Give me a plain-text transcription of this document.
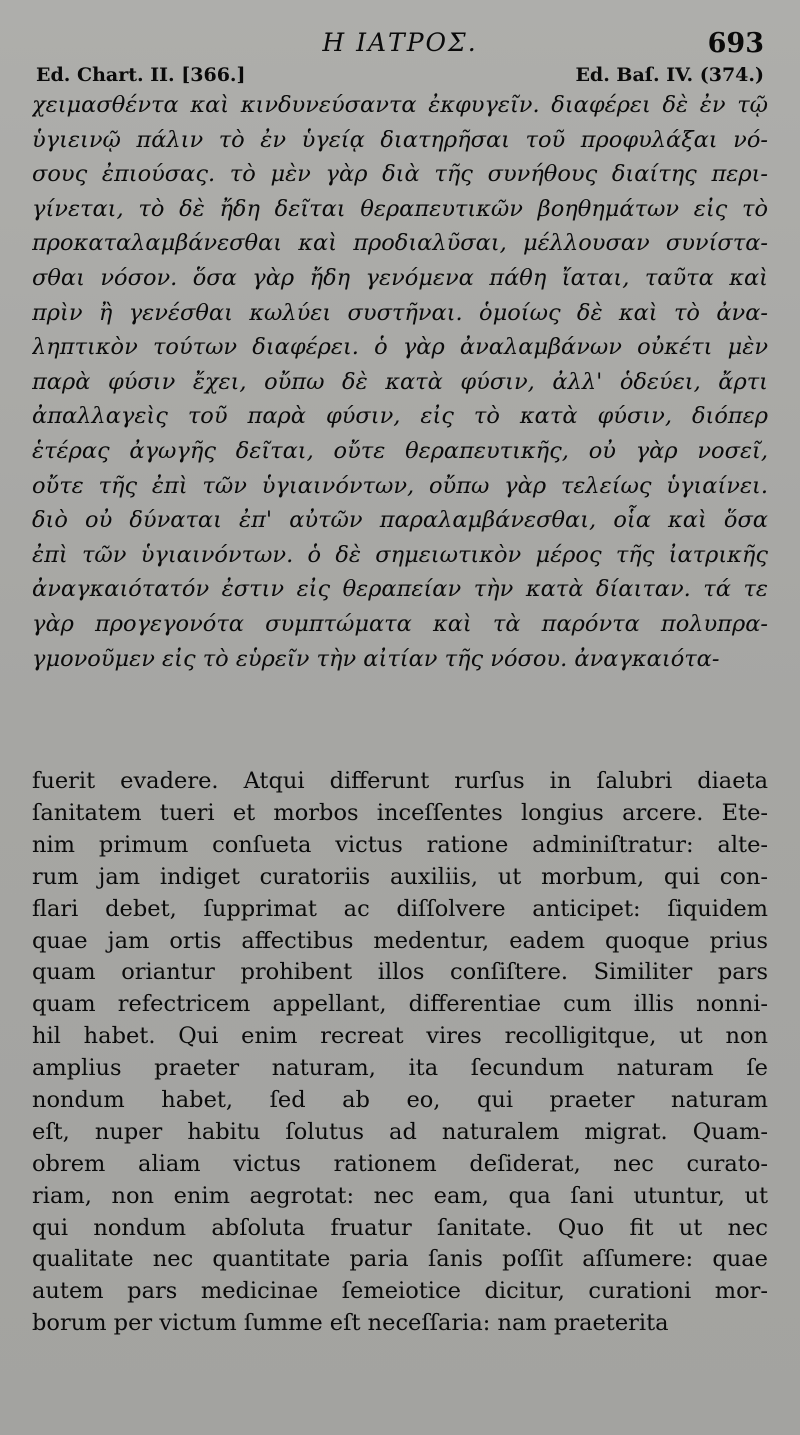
Η ΙΑΤΡΟΣ.	693
Ed. Chart. II. [366.]	Ed. Baſ. IV. (374.)
χειμασθέντα καὶ κινδυνεύσαντα ἐκφυγεῖν. διαφέρει δὲ ἐν τῷ
ὑγιεινῷ πάλιν τὸ ἐν ὑγείᾳ διατηρῆσαι τοῦ προφυλάξαι νό-
σους ἐπιούσας. τὸ μὲν γὰρ διὰ τῆς συνήθους διαίτης περι-
γίνεται, τὸ δὲ ἤδη δεῖται θεραπευτικῶν βοηθημάτων εἰς τὸ
προκαταλαμβάνεσθαι καὶ προδιαλῦσαι, μέλλουσαν συνίστα-
σθαι νόσον. ὅσα γὰρ ἤδη γενόμενα πάθη ἴαται, ταῦτα καὶ
πρὶν ἢ γενέσθαι κωλύει συστῆναι. ὁμοίως δὲ καὶ τὸ ἀνα-
ληπτικὸν τούτων διαφέρει. ὁ γὰρ ἀναλαμβάνων οὐκέτι μὲν
παρὰ φύσιν ἔχει, οὔπω δὲ κατὰ φύσιν, ἀλλ' ὁδεύει, ἄρτι
ἀπαλλαγεὶς τοῦ παρὰ φύσιν, εἰς τὸ κατὰ φύσιν, διόπερ
ἑτέρας ἀγωγῆς δεῖται, οὔτε θεραπευτικῆς, οὐ γὰρ νοσεῖ,
οὔτε τῆς ἐπὶ τῶν ὑγιαινόντων, οὔπω γὰρ τελείως ὑγιαίνει.
διὸ οὐ δύναται ἐπ' αὐτῶν παραλαμβάνεσθαι, οἷα καὶ ὅσα
ἐπὶ τῶν ὑγιαινόντων. ὁ δὲ σημειωτικὸν μέρος τῆς ἰατρικῆς
ἀναγκαιότατόν ἐστιν εἰς θεραπείαν τὴν κατὰ δίαιταν. τά τε
γὰρ προγεγονότα συμπτώματα καὶ τὰ παρόντα πολυπρα-
γμονοῦμεν εἰς τὸ εὑρεῖν τὴν αἰτίαν τῆς νόσου. ἀναγκαιότα-
fuerit evadere. Atqui differunt rurſus in ſalubri diaeta
ſanitatem tueri et morbos inceſſentes longius arcere. Ete-
nim primum conſueta victus ratione adminiſtratur: alte-
rum jam indiget curatoriis auxiliis, ut morbum, qui con-
flari debet, ſupprimat ac diſſolvere anticipet: ſiquidem
quae jam ortis affectibus medentur, eadem quoque prius
quam oriantur prohibent illos conſiſtere. Similiter pars
quam refectricem appellant, differentiae cum illis nonni-
hil habet. Qui enim recreat vires recolligitque, ut non
amplius praeter naturam, ita ſecundum naturam ſe
nondum habet, ſed ab eo, qui praeter naturam
eſt, nuper habitu ſolutus ad naturalem migrat. Quam-
obrem aliam victus rationem deſiderat, nec curato-
riam, non enim aegrotat: nec eam, qua ſani utuntur, ut
qui nondum abſoluta fruatur ſanitate. Quo fit ut nec
qualitate nec quantitate paria ſanis poſſit aſſumere: quae
autem pars medicinae ſemeiotice dicitur, curationi mor-
borum per victum ſumme eſt neceſſaria: nam praeterita
